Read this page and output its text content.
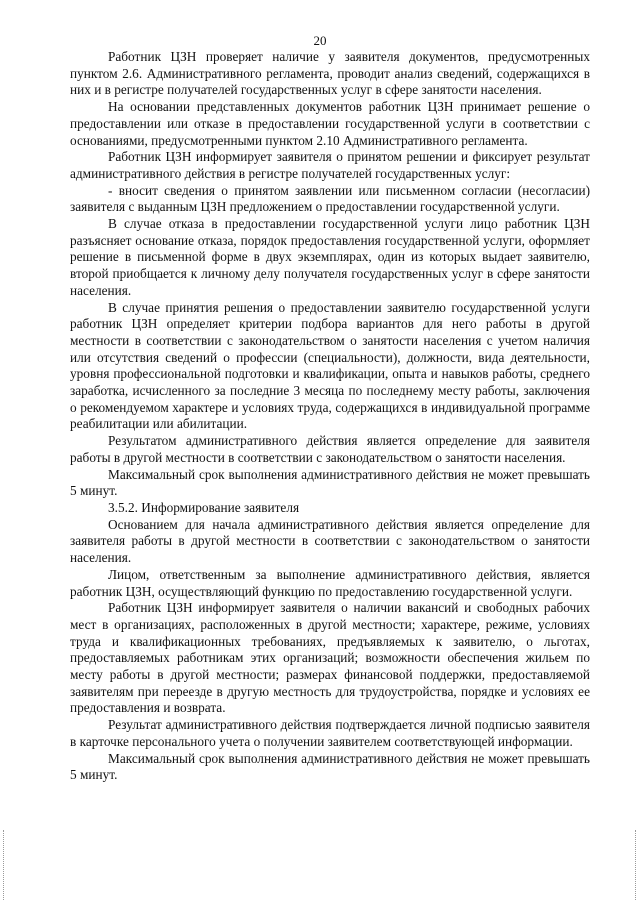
20

Работник ЦЗН проверяет наличие у заявителя документов, предусмотренных пунктом 2.6. Административного регламента, проводит анализ сведений, содержащихся в них и в регистре получателей государственных услуг в сфере занятости населения.

На основании представленных документов работник ЦЗН принимает решение о предоставлении или отказе в предоставлении государственной услуги в соответствии с основаниями, предусмотренными пунктом 2.10 Административного регламента.

Работник ЦЗН информирует заявителя о принятом решении и фиксирует результат административного действия в регистре получателей государственных услуг:

- вносит сведения о принятом заявлении или письменном согласии (несогласии) заявителя с выданным ЦЗН предложением о предоставлении государственной услуги.

В случае отказа в предоставлении государственной услуги лицо работник ЦЗН разъясняет основание отказа, порядок предоставления государственной услуги, оформляет решение в письменной форме в двух экземплярах, один из которых выдает заявителю, второй приобщается к личному делу получателя государственных услуг в сфере занятости населения.

В случае принятия решения о предоставлении заявителю государственной услуги работник ЦЗН определяет критерии подбора вариантов для него работы в другой местности в соответствии с законодательством о занятости населения с учетом наличия или отсутствия сведений о профессии (специальности), должности, вида деятельности, уровня профессиональной подготовки и квалификации, опыта и навыков работы, среднего заработка, исчисленного за последние 3 месяца по последнему месту работы, заключения о рекомендуемом характере и условиях труда, содержащихся в индивидуальной программе реабилитации или абилитации.

Результатом административного действия является определение для заявителя работы в другой местности в соответствии с законодательством о занятости населения.

Максимальный срок выполнения административного действия не может превышать 5 минут.

3.5.2. Информирование заявителя

Основанием для начала административного действия является определение для заявителя работы в другой местности в соответствии с законодательством о занятости населения.

Лицом, ответственным за выполнение административного действия, является работник ЦЗН, осуществляющий функцию по предоставлению государственной услуги.

Работник ЦЗН информирует заявителя о наличии вакансий и свободных рабочих мест в организациях, расположенных в другой местности; характере, режиме, условиях труда и квалификационных требованиях, предъявляемых к заявителю, о льготах, предоставляемых работникам этих организаций; возможности обеспечения жильем по месту работы в другой местности; размерах финансовой поддержки, предоставляемой заявителям при переезде в другую местность для трудоустройства, порядке и условиях ее предоставления и возврата.

Результат административного действия подтверждается личной подписью заявителя в карточке персонального учета о получении заявителем соответствующей информации.

Максимальный срок выполнения административного действия не может превышать 5 минут.
